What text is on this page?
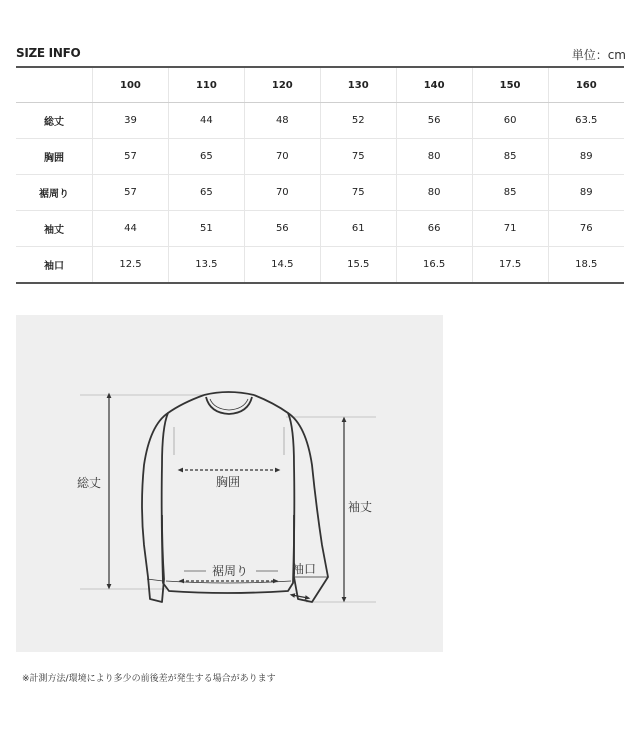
SIZE INFO	単位：cm
	100	110	120	130	140	150	160
総丈	39	44	48	52	56	60	63.5
胸囲	57	65	70	75	80	85	89
裾周り	57	65	70	75	80	85	89
袖丈	44	51	56	61	66	71	76
袖口	12.5	13.5	14.5	15.5	16.5	17.5	18.5
総丈	胸囲
裾周り
袖丈
袖口
※計測方法/環境により多少の前後差が発生する場合があります
